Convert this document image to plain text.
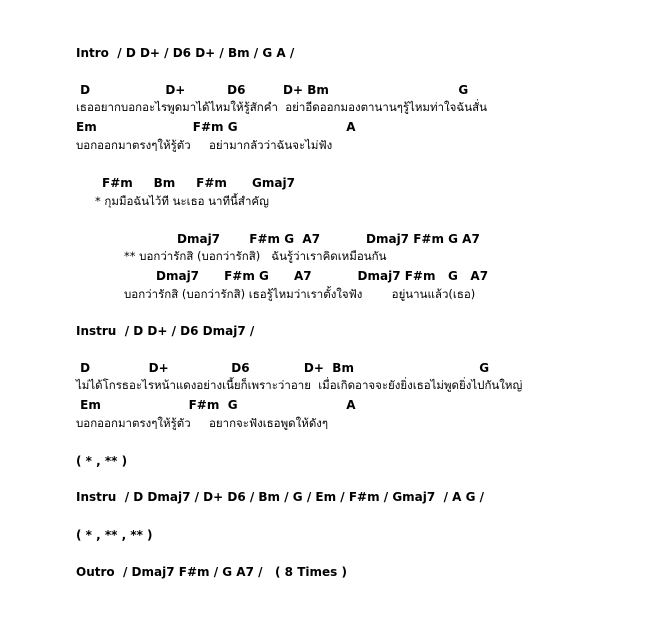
Intro  / D D+ / D6 D+ / Bm / G A /
D                  D+          D6         D+ Bm                               G
เธออยากบอกอะไรพูดมาได้ไหมให้รู้สักคำ  อย่าอีดออกมองตานานๆรู้ไหมท่าใจฉันสั่น
Em                       F#m G                          A
บอกออกมาตรงๆให้รู้ตัว     อย่ามากลัวว่าฉันจะไม่ฟัง
F#m     Bm     F#m      Gmaj7
* กุมมือฉันไว้ที นะเธอ นาทีนี้สำคัญ
Dmaj7       F#m G  A7           Dmaj7 F#m G A7
** บอกว่ารักสิ (บอกว่ารักสิ)   ฉันรู้ว่าเราคิดเหมือนกัน
Dmaj7      F#m G      A7           Dmaj7 F#m   G   A7
บอกว่ารักสิ (บอกว่ารักสิ) เธอรู้ไหมว่าเราตั้งใจฟัง        อยู่นานแล้ว(เธอ)
Instru  / D D+ / D6 Dmaj7 /
D              D+               D6             D+  Bm                              G
ไม่ได้โกรธอะไรหน้าแดงอย่างเนี้ยก็เพราะว่าอาย  เมื่อเกิดอาจจะยังยิ่งเธอไม่พูดยิ่งไปกันใหญ่
Em                     F#m  G                          A
บอกออกมาตรงๆให้รู้ตัว     อยากจะฟังเธอพูดให้ดังๆ
( * , ** )
Instru  / D Dmaj7 / D+ D6 / Bm / G / Em / F#m / Gmaj7  / A G /
( * , ** , ** )
Outro  / Dmaj7 F#m / G A7 /   ( 8 Times )
